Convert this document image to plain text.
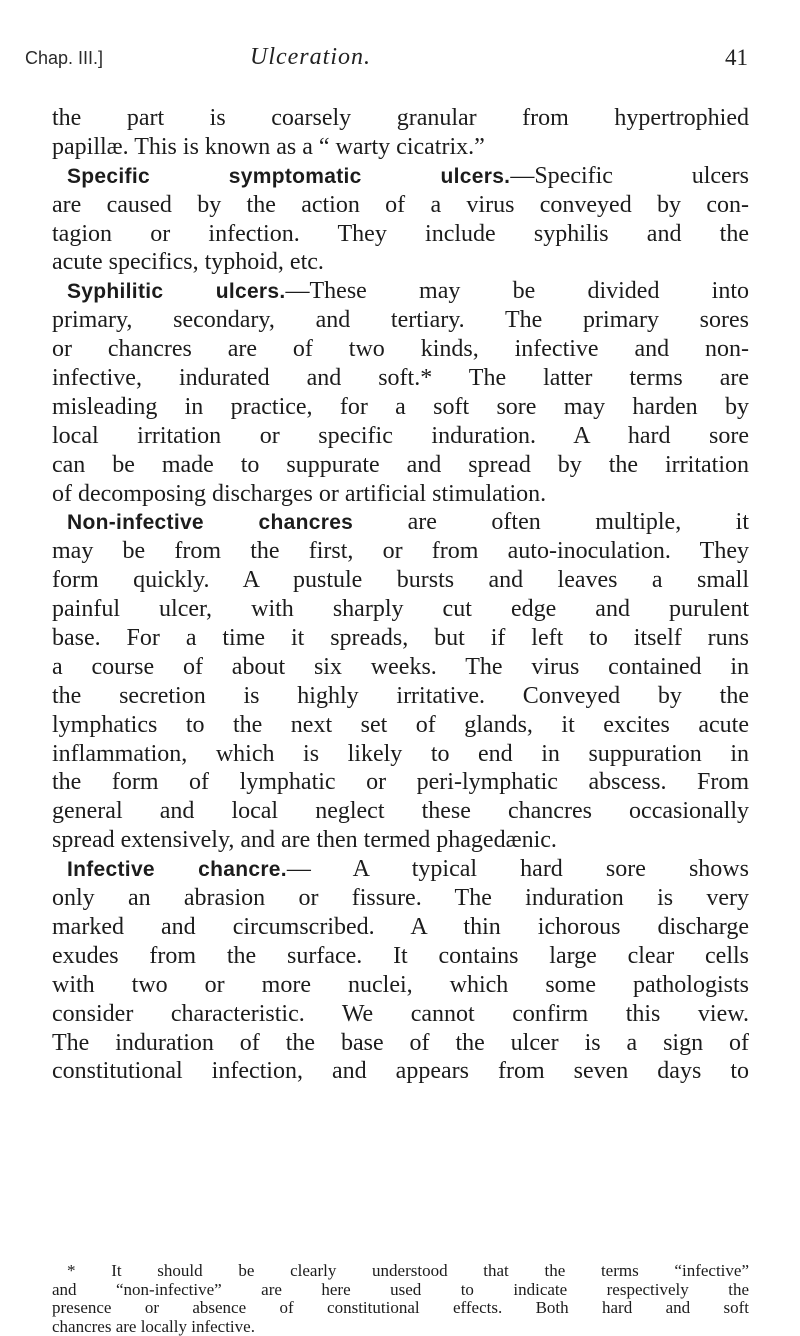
Chap. III.]	Ulceration.	41
the part is coarsely granular from hypertrophied
papillæ. This is known as a “ warty cicatrix.”
Specific symptomatic ulcers.—Specific ulcers
are caused by the action of a virus conveyed by con-
tagion or infection. They include syphilis and the
acute specifics, typhoid, etc.
Syphilitic ulcers.—These may be divided into
primary, secondary, and tertiary. The primary sores
or chancres are of two kinds, infective and non-
infective, indurated and soft.* The latter terms are
misleading in practice, for a soft sore may harden by
local irritation or specific induration. A hard sore
can be made to suppurate and spread by the irritation
of decomposing discharges or artificial stimulation.
Non-infective chancres are often multiple, it
may be from the first, or from auto-inoculation. They
form quickly. A pustule bursts and leaves a small
painful ulcer, with sharply cut edge and purulent
base. For a time it spreads, but if left to itself runs
a course of about six weeks. The virus contained in
the secretion is highly irritative. Conveyed by the
lymphatics to the next set of glands, it excites acute
inflammation, which is likely to end in suppuration in
the form of lymphatic or peri-lymphatic abscess. From
general and local neglect these chancres occasionally
spread extensively, and are then termed phagedænic.
Infective chancre.— A typical hard sore shows
only an abrasion or fissure. The induration is very
marked and circumscribed. A thin ichorous discharge
exudes from the surface. It contains large clear cells
with two or more nuclei, which some pathologists
consider characteristic. We cannot confirm this view.
The induration of the base of the ulcer is a sign of
constitutional infection, and appears from seven days to
* It should be clearly understood that the terms “infective”
and “non-infective” are here used to indicate respectively the
presence or absence of constitutional effects. Both hard and soft
chancres are locally infective.
